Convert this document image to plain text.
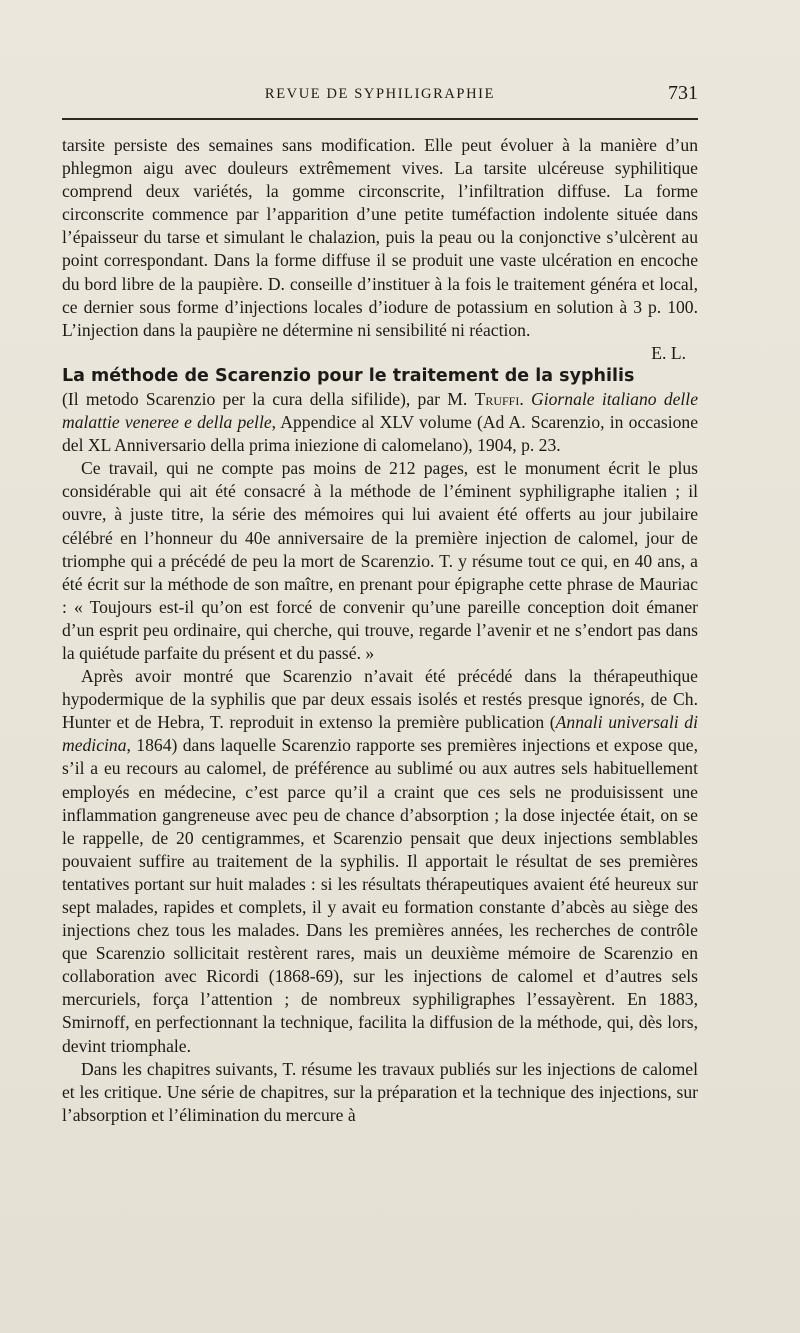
REVUE DE SYPHILIGRAPHIE	731

tarsite persiste des semaines sans modification. Elle peut évoluer à la manière d’un phlegmon aigu avec douleurs extrêmement vives. La tarsite ulcéreuse syphilitique comprend deux variétés, la gomme circonscrite, l’infiltration diffuse. La forme circonscrite commence par l’apparition d’une petite tuméfaction indolente située dans l’épaisseur du tarse et simulant le chalazion, puis la peau ou la conjonctive s’ulcèrent au point correspondant. Dans la forme diffuse il se produit une vaste ulcération en encoche du bord libre de la paupière. D. conseille d’instituer à la fois le traitement généra et local, ce dernier sous forme d’injections locales d’iodure de potassium en solution à 3 p. 100. L’injection dans la paupière ne détermine ni sensibilité ni réaction.

E. L.

La méthode de Scarenzio pour le traitement de la syphilis

(Il metodo Scarenzio per la cura della sifilide), par M. Truffi. Giornale italiano delle malattie veneree e della pelle, Appendice al XLV volume (Ad A. Scarenzio, in occasione del XL Anniversario della prima iniezione di calomelano), 1904, p. 23.

Ce travail, qui ne compte pas moins de 212 pages, est le monument écrit le plus considérable qui ait été consacré à la méthode de l’éminent syphiligraphe italien ; il ouvre, à juste titre, la série des mémoires qui lui avaient été offerts au jour jubilaire célébré en l’honneur du 40e anniversaire de la première injection de calomel, jour de triomphe qui a précédé de peu la mort de Scarenzio. T. y résume tout ce qui, en 40 ans, a été écrit sur la méthode de son maître, en prenant pour épigraphe cette phrase de Mauriac : « Toujours est-il qu’on est forcé de convenir qu’une pareille conception doit émaner d’un esprit peu ordinaire, qui cherche, qui trouve, regarde l’avenir et ne s’endort pas dans la quiétude parfaite du présent et du passé. »

Après avoir montré que Scarenzio n’avait été précédé dans la thérapeuthique hypodermique de la syphilis que par deux essais isolés et restés presque ignorés, de Ch. Hunter et de Hebra, T. reproduit in extenso la première publication (Annali universali di medicina, 1864) dans laquelle Scarenzio rapporte ses premières injections et expose que, s’il a eu recours au calomel, de préférence au sublimé ou aux autres sels habituellement employés en médecine, c’est parce qu’il a craint que ces sels ne produisissent une inflammation gangreneuse avec peu de chance d’absorption ; la dose injectée était, on se le rappelle, de 20 centigrammes, et Scarenzio pensait que deux injections semblables pouvaient suffire au traitement de la syphilis. Il apportait le résultat de ses premières tentatives portant sur huit malades : si les résultats thérapeutiques avaient été heureux sur sept malades, rapides et complets, il y avait eu formation constante d’abcès au siège des injections chez tous les malades. Dans les premières années, les recherches de contrôle que Scarenzio sollicitait restèrent rares, mais un deuxième mémoire de Scarenzio en collaboration avec Ricordi (1868-69), sur les injections de calomel et d’autres sels mercuriels, força l’attention ; de nombreux syphiligraphes l’essayèrent. En 1883, Smirnoff, en perfectionnant la technique, facilita la diffusion de la méthode, qui, dès lors, devint triomphale.

Dans les chapitres suivants, T. résume les travaux publiés sur les injections de calomel et les critique. Une série de chapitres, sur la préparation et la technique des injections, sur l’absorption et l’élimination du mercure à
